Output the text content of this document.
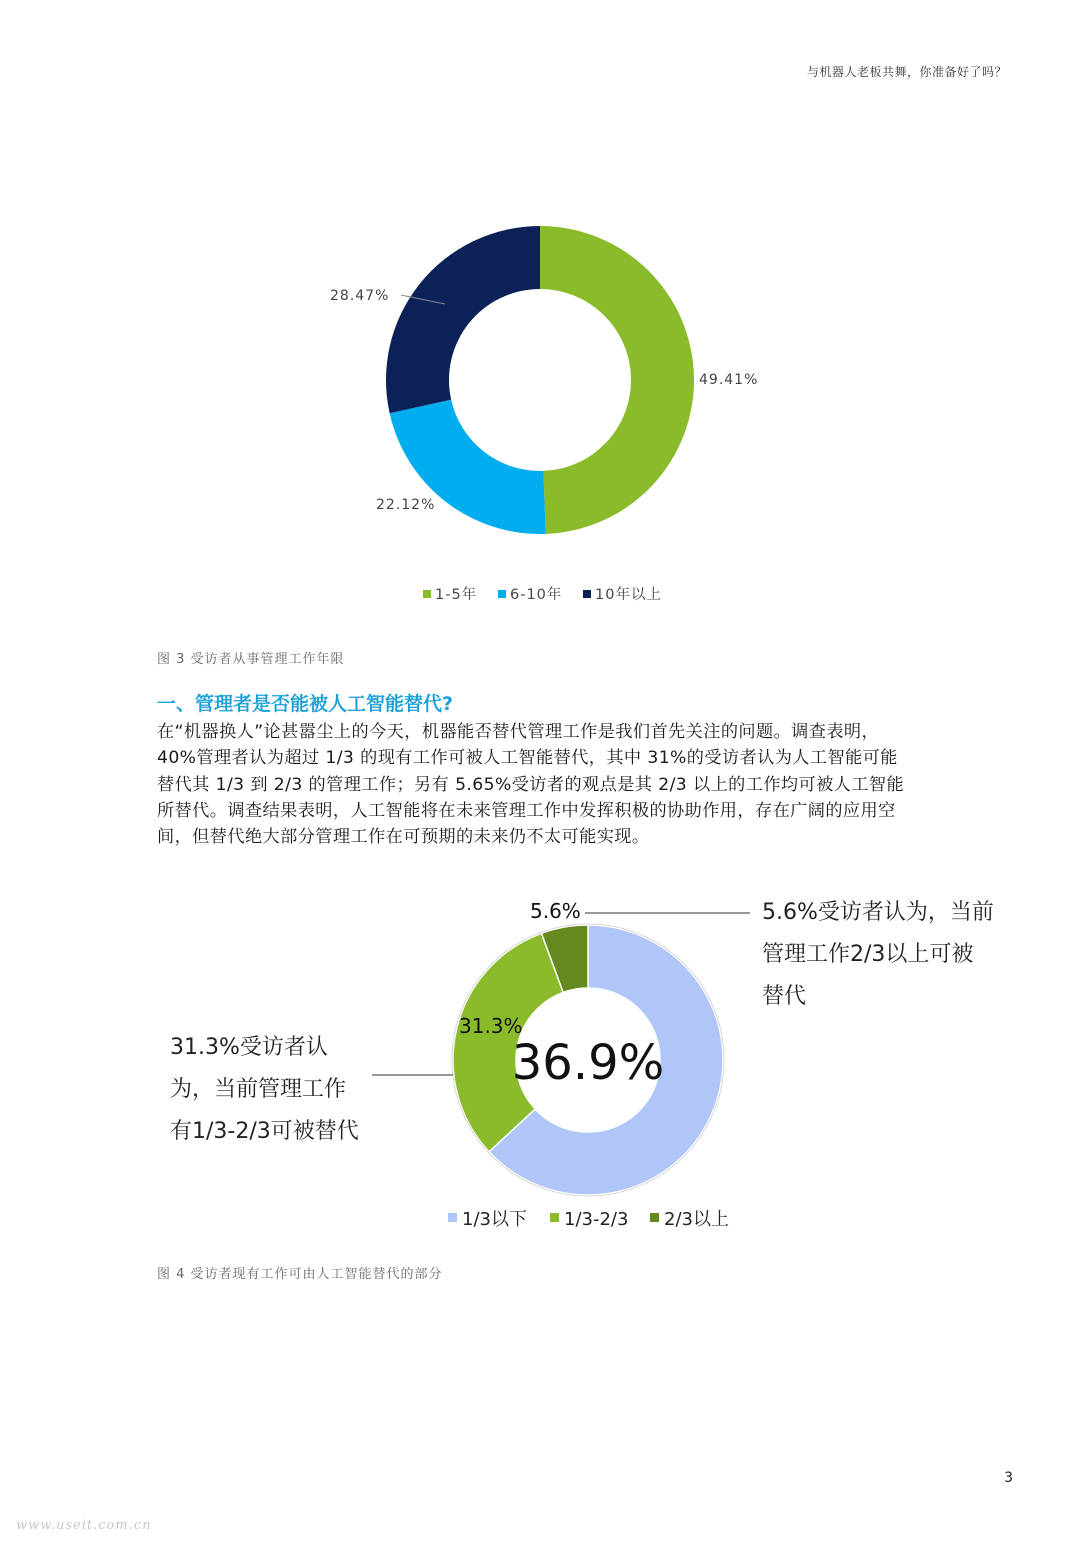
与机器人老板共舞，你准备好了吗？
49.41%
22.12%
28.47%
1-5年 6-10年 10年以上
图 3 受访者从事管理工作年限
一、管理者是否能被人工智能替代?

在“机器换人”论甚嚣尘上的今天，机器能否替代管理工作是我们首先关注的问题。调查表明，

40%管理者认为超过 1/3 的现有工作可被人工智能替代，其中 31%的受访者认为人工智能可能

替代其 1/3 到 2/3 的管理工作；另有 5.65%受访者的观点是其 2/3 以上的工作均可被人工智能

所替代。调查结果表明，人工智能将在未来管理工作中发挥积极的协助作用，存在广阔的应用空

间，但替代绝大部分管理工作在可预期的未来仍不太可能实现。

36.9%
31.3%
5.6%	5.6%受访者认为，当前
管理工作2/3以上可被
替代
31.3%受访者认
为，当前管理工作
有1/3-2/3可被替代
1/3以下 1/3-2/3 2/3以上
图 4 受访者现有工作可由人工智能替代的部分
3
www.useit.com.cn
